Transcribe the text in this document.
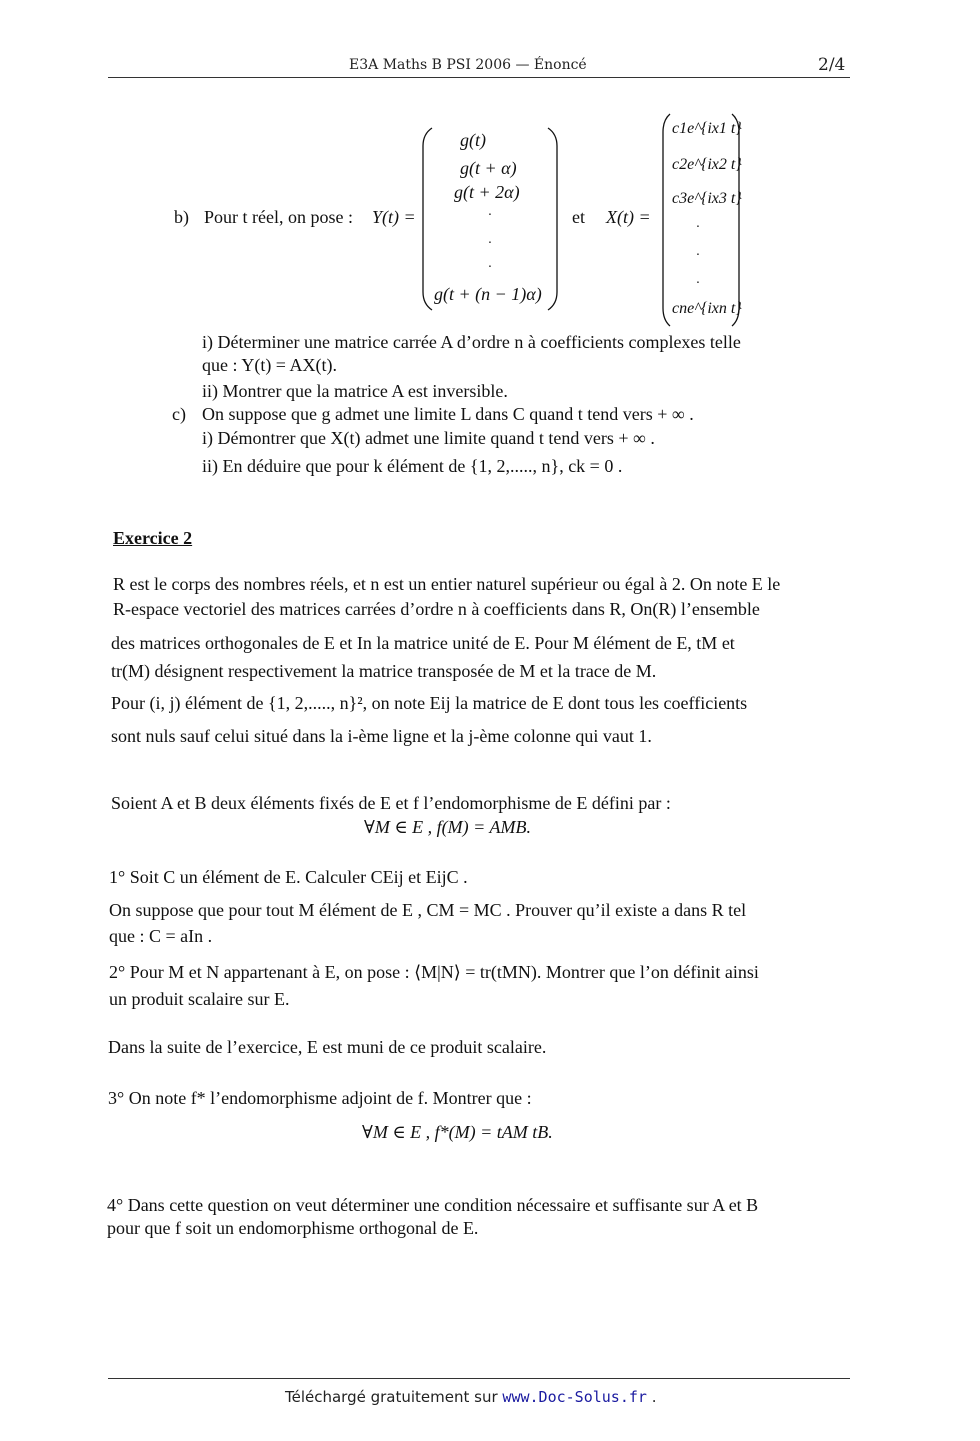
E3A Maths B PSI 2006 — Énoncé	2/4
b) Pour t réel, on pose : Y(t) =
g(t)
g(t + α)
g(t + 2α)
·
·
·
g(t + (n − 1)α)
et X(t) =
c1e^{ix1 t}
c2e^{ix2 t}
c3e^{ix3 t}
·
·
·
cne^{ixn t}
i) Déterminer une matrice carrée A d’ordre n à coefficients complexes telle
que : Y(t) = AX(t).
ii) Montrer que la matrice A est inversible.
c) On suppose que g admet une limite L dans C quand t tend vers + ∞ .
i) Démontrer que X(t) admet une limite quand t tend vers + ∞ .
ii) En déduire que pour k élément de {1, 2,....., n}, ck = 0 .
Exercice 2
R est le corps des nombres réels, et n est un entier naturel supérieur ou égal à 2. On note E le
R-espace vectoriel des matrices carrées d’ordre n à coefficients dans R, On(R) l’ensemble
des matrices orthogonales de E et In la matrice unité de E. Pour M élément de E, tM et
tr(M) désignent respectivement la matrice transposée de M et la trace de M.
Pour (i, j) élément de {1, 2,....., n}², on note Eij la matrice de E dont tous les coefficients
sont nuls sauf celui situé dans la i-ème ligne et la j-ème colonne qui vaut 1.
Soient A et B deux éléments fixés de E et f l’endomorphisme de E défini par :
∀M ∈ E , f(M) = AMB.
1° Soit C un élément de E. Calculer CEij et EijC .
On suppose que pour tout M élément de E , CM = MC . Prouver qu’il existe a dans R tel
que : C = aIn .
2° Pour M et N appartenant à E, on pose : ⟨M|N⟩ = tr(tMN). Montrer que l’on définit ainsi
un produit scalaire sur E.
Dans la suite de l’exercice, E est muni de ce produit scalaire.
3° On note f* l’endomorphisme adjoint de f. Montrer que :
∀M ∈ E , f*(M) = tAM tB.
4° Dans cette question on veut déterminer une condition nécessaire et suffisante sur A et B
pour que f soit un endomorphisme orthogonal de E.
Téléchargé gratuitement sur www.Doc-Solus.fr .
